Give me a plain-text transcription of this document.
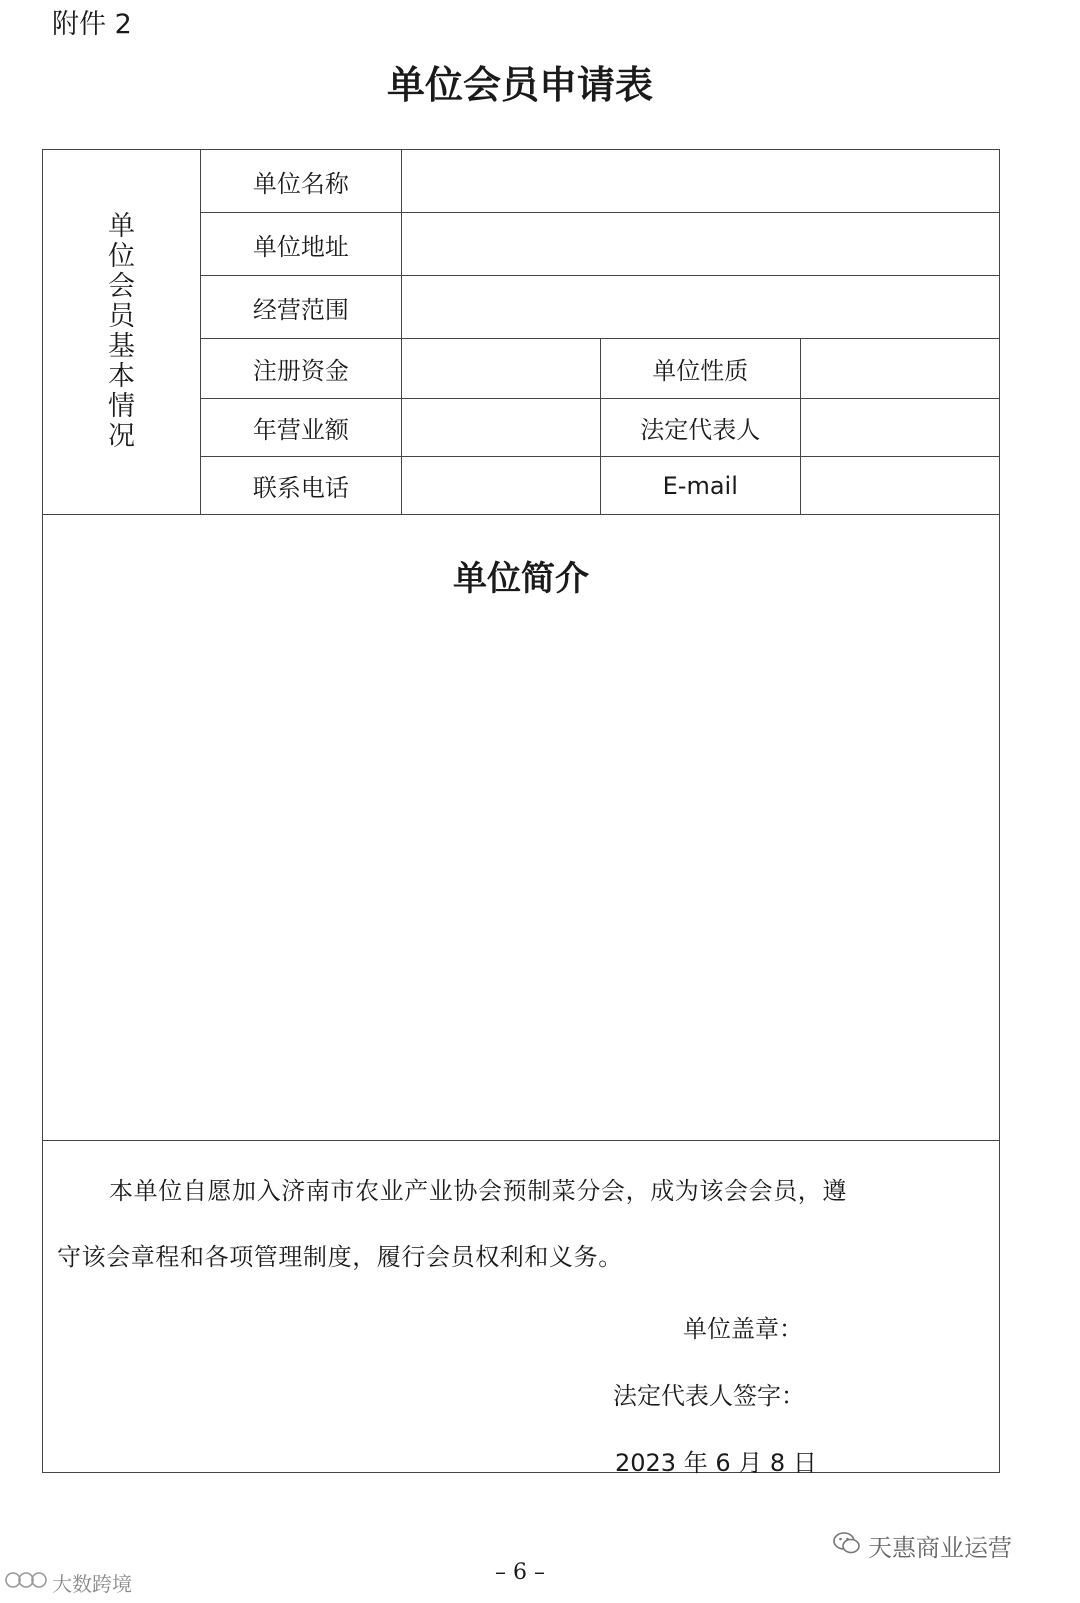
附件 2
单位会员申请表
单位会员基本情况	单位名称			
	单位地址			
	经营范围			
	注册资金		单位性质	
	年营业额		法定代表人	
	联系电话		E-mail	

单位简介				

本单位自愿加入济南市农业产业协会预制菜分会，成为该会会员，遵
守该会章程和各项管理制度，履行会员权利和义务。
单位盖章：
法定代表人签字：
2023 年 6 月 8 日				
– 6 –
天惠商业运营
大数跨境
